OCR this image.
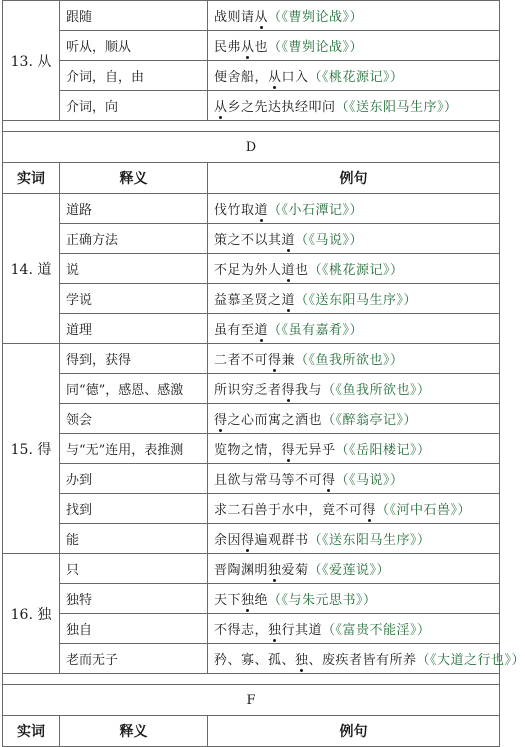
13. 从	跟随	战则请从（《曹刿论战》）
	听从，顺从	民弗从也（《曹刿论战》）
	介词，自，由	便舍船，从口入（《桃花源记》）
	介词，向	从乡之先达执经叩问（《送东阳马生序》）

D		
实词	释义	例句
14. 道	道路	伐竹取道（《小石潭记》）
	正确方法	策之不以其道（《马说》）
	说	不足为外人道也（《桃花源记》）
	学说	益慕圣贤之道（《送东阳马生序》）
	道理	虽有至道（《虽有嘉肴》）
15. 得	得到，获得	二者不可得兼（《鱼我所欲也》）
	同“德”，感恩、感激	所识穷乏者得我与（《鱼我所欲也》）
	领会	得之心而寓之酒也（《醉翁亭记》）
	与“无”连用，表推测	览物之情，得无异乎（《岳阳楼记》）
	办到	且欲与常马等不可得（《马说》）
	找到	求二石兽于水中，竟不可得（《河中石兽》）
	能	余因得遍观群书（《送东阳马生序》）
16. 独	只	晋陶渊明独爱菊（《爱莲说》）
	独特	天下独绝（《与朱元思书》）
	独自	不得志，独行其道（《富贵不能淫》）
	老而无子	矜、寡、孤、独、废疾者皆有所养（《大道之行也》）

F		
实词	释义	例句
